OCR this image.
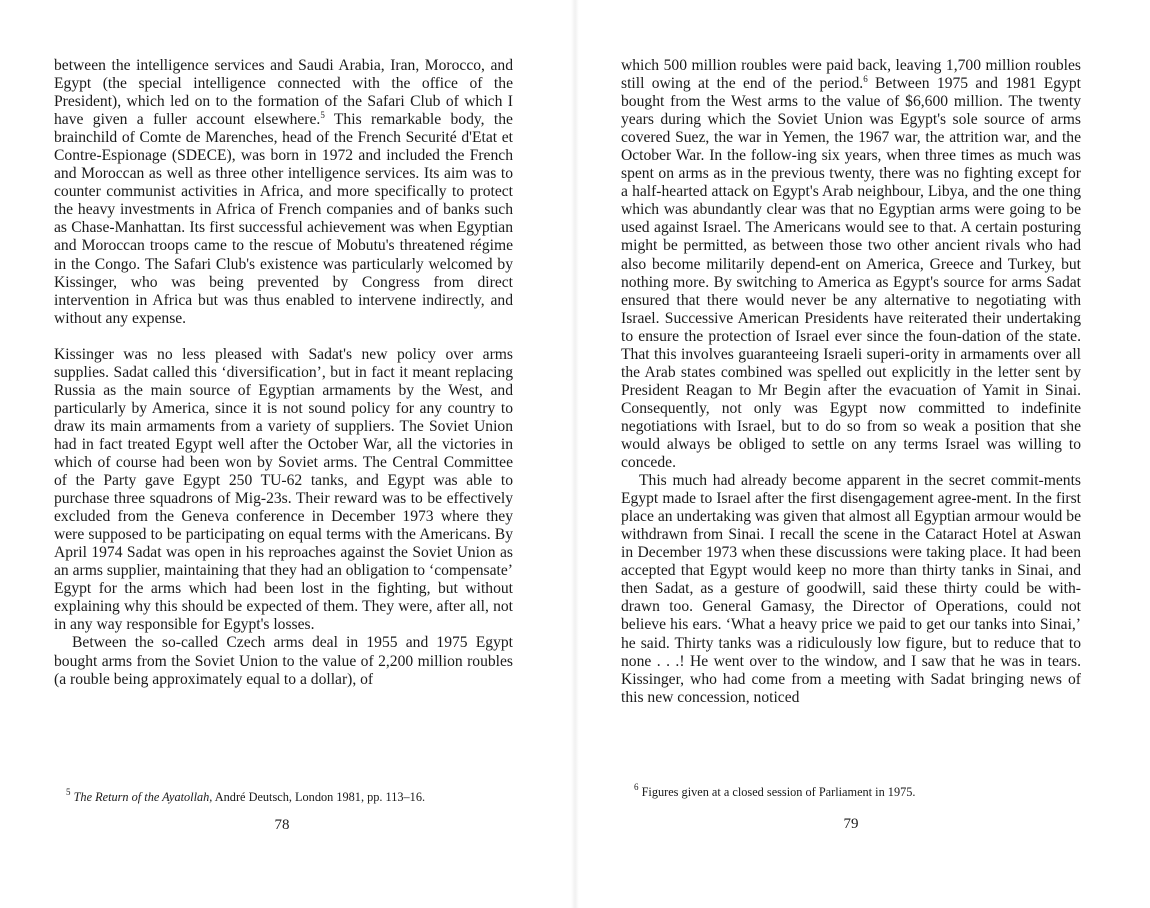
between the intelligence services and Saudi Arabia, Iran, Morocco, and Egypt (the special intelligence connected with the office of the President), which led on to the formation of the Safari Club of which I have given a fuller account elsewhere.$^5$ This remarkable body, the brainchild of Comte de Marenches, head of the French Securité d'Etat et Contre-Espionage (SDECE), was born in 1972 and included the French and Moroccan as well as three other intelligence services. Its aim was to counter communist activities in Africa, and more specifically to protect the heavy investments in Africa of French companies and of banks such as Chase-Manhattan. Its first successful achievement was when Egyptian and Moroccan troops came to the rescue of Mobutu's threatened régime in the Congo. The Safari Club's existence was particularly welcomed by Kissinger, who was being prevented by Congress from direct intervention in Africa but was thus enabled to intervene indirectly, and without any expense.

Kissinger was no less pleased with Sadat's new policy over arms supplies. Sadat called this ‘diversification’, but in fact it meant replacing Russia as the main source of Egyptian armaments by the West, and particularly by America, since it is not sound policy for any country to draw its main armaments from a variety of suppliers. The Soviet Union had in fact treated Egypt well after the October War, all the victories in which of course had been won by Soviet arms. The Central Committee of the Party gave Egypt 250 TU-62 tanks, and Egypt was able to purchase three squadrons of Mig-23s. Their reward was to be effectively excluded from the Geneva conference in December 1973 where they were supposed to be participating on equal terms with the Americans. By April 1974 Sadat was open in his reproaches against the Soviet Union as an arms supplier, maintaining that they had an obligation to ‘compensate’ Egypt for the arms which had been lost in the fighting, but without explaining why this should be expected of them. They were, after all, not in any way responsible for Egypt's losses.

Between the so-called Czech arms deal in 1955 and 1975 Egypt bought arms from the Soviet Union to the value of 2,200 million roubles (a rouble being approximately equal to a dollar), of

$^5$ The Return of the Ayatollah, André Deutsch, London 1981, pp. 113–16.
78

which 500 million roubles were paid back, leaving 1,700 million roubles still owing at the end of the period.$^6$ Between 1975 and 1981 Egypt bought from the West arms to the value of $6,600 million. The twenty years during which the Soviet Union was Egypt's sole source of arms covered Suez, the war in Yemen, the 1967 war, the attrition war, and the October War. In the follow-ing six years, when three times as much was spent on arms as in the previous twenty, there was no fighting except for a half-hearted attack on Egypt's Arab neighbour, Libya, and the one thing which was abundantly clear was that no Egyptian arms were going to be used against Israel. The Americans would see to that. A certain posturing might be permitted, as between those two other ancient rivals who had also become militarily depend-ent on America, Greece and Turkey, but nothing more. By switching to America as Egypt's source for arms Sadat ensured that there would never be any alternative to negotiating with Israel. Successive American Presidents have reiterated their undertaking to ensure the protection of Israel ever since the foun-dation of the state. That this involves guaranteeing Israeli superi-ority in armaments over all the Arab states combined was spelled out explicitly in the letter sent by President Reagan to Mr Begin after the evacuation of Yamit in Sinai. Consequently, not only was Egypt now committed to indefinite negotiations with Israel, but to do so from so weak a position that she would always be obliged to settle on any terms Israel was willing to concede.

This much had already become apparent in the secret commit-ments Egypt made to Israel after the first disengagement agree-ment. In the first place an undertaking was given that almost all Egyptian armour would be withdrawn from Sinai. I recall the scene in the Cataract Hotel at Aswan in December 1973 when these discussions were taking place. It had been accepted that Egypt would keep no more than thirty tanks in Sinai, and then Sadat, as a gesture of goodwill, said these thirty could be with-drawn too. General Gamasy, the Director of Operations, could not believe his ears. ‘What a heavy price we paid to get our tanks into Sinai,’ he said. Thirty tanks was a ridiculously low figure, but to reduce that to none . . .! He went over to the window, and I saw that he was in tears. Kissinger, who had come from a meeting with Sadat bringing news of this new concession, noticed

$^6$ Figures given at a closed session of Parliament in 1975.
79
